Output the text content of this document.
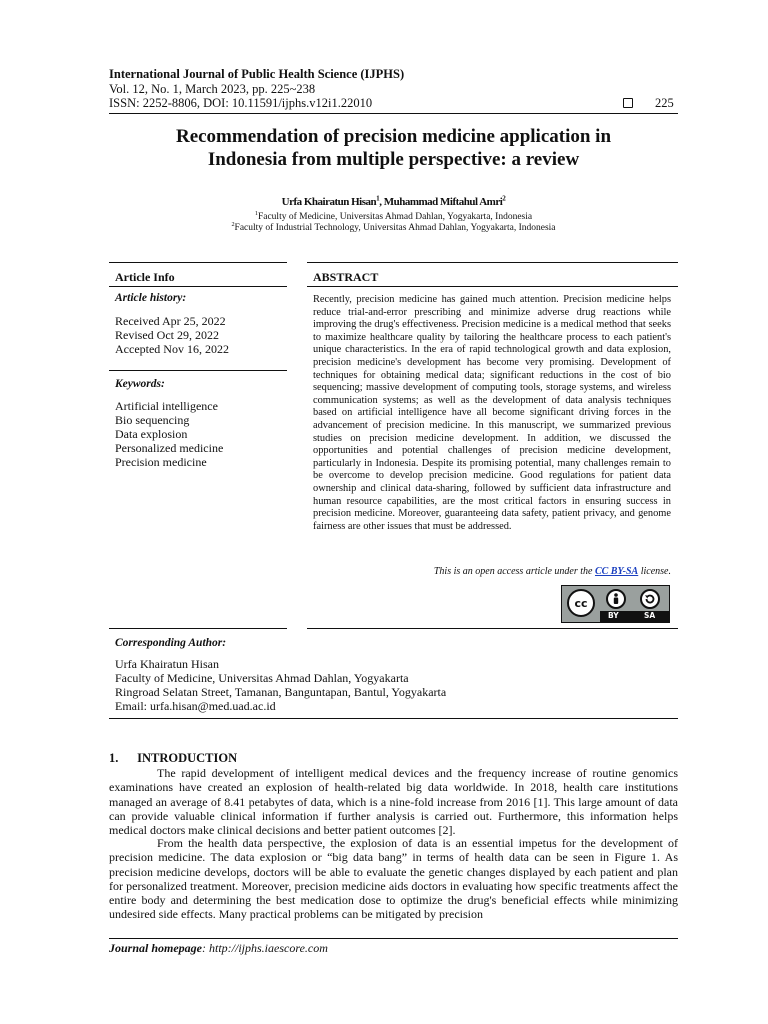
International Journal of Public Health Science (IJPHS)
Vol. 12, No. 1, March 2023, pp. 225~238
ISSN: 2252-8806, DOI: 10.11591/ijphs.v12i1.22010	225
Recommendation of precision medicine application in
Indonesia from multiple perspective: a review
Urfa Khairatun Hisan$^1$, Muhammad Miftahul Amri$^2$
$^1$Faculty of Medicine, Universitas Ahmad Dahlan, Yogyakarta, Indonesia
$^2$Faculty of Industrial Technology, Universitas Ahmad Dahlan, Yogyakarta, Indonesia
Article Info
Article history:
Received Apr 25, 2022
Revised Oct 29, 2022
Accepted Nov 16, 2022
Keywords:
Artificial intelligence
Bio sequencing
Data explosion
Personalized medicine
Precision medicine
ABSTRACT
Recently, precision medicine has gained much attention. Precision medicine helps reduce trial-and-error prescribing and minimize adverse drug reactions while improving the drug's effectiveness. Precision medicine is a medical method that seeks to maximize healthcare quality by tailoring the healthcare process to each patient's unique characteristics. In the era of rapid technological growth and data explosion, precision medicine's development has become very promising. Development of techniques for obtaining medical data; significant reductions in the cost of bio sequencing; massive development of computing tools, storage systems, and wireless communication systems; as well as the development of data analysis techniques based on artificial intelligence have all become significant driving forces in the advancement of precision medicine. In this manuscript, we summarized previous studies on precision medicine development. In addition, we discussed the opportunities and potential challenges of precision medicine development, particularly in Indonesia. Despite its promising potential, many challenges remain to be overcome to develop precision medicine. Good regulations for patient data ownership and clinical data-sharing, followed by sufficient data infrastructure and human resource capabilities, are the most critical factors in ensuring success in precision medicine. Moreover, guaranteeing data safety, patient privacy, and genome fairness are other issues that must be addressed.
This is an open access article under the CC BY-SA license.
cc
BY	SA
Corresponding Author:
Urfa Khairatun Hisan
Faculty of Medicine, Universitas Ahmad Dahlan, Yogyakarta
Ringroad Selatan Street, Tamanan, Banguntapan, Bantul, Yogyakarta
Email: urfa.hisan@med.uad.ac.id
1.      INTRODUCTION
The rapid development of intelligent medical devices and the frequency increase of routine genomics examinations have created an explosion of health-related big data worldwide. In 2018, health care institutions managed an average of 8.41 petabytes of data, which is a nine-fold increase from 2016 [1]. This large amount of data can provide valuable clinical information if further analysis is carried out. Furthermore, this information helps medical doctors make clinical decisions and better patient outcomes [2].
From the health data perspective, the explosion of data is an essential impetus for the development of precision medicine. The data explosion or “big data bang” in terms of health data can be seen in Figure 1. As precision medicine develops, doctors will be able to evaluate the genetic changes displayed by each patient and plan for personalized treatment. Moreover, precision medicine aids doctors in evaluating how specific treatments affect the entire body and determining the best medication dose to optimize the drug's beneficial effects while minimizing undesired side effects. Many practical problems can be mitigated by precision
Journal homepage: http://ijphs.iaescore.com
